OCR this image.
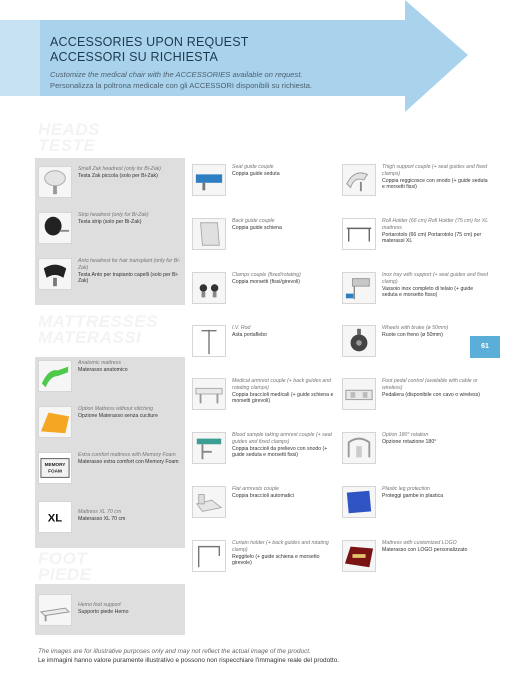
ACCESSORIES UPON REQUEST
ACCESSORI SU RICHIESTA
Customize the medical chair with the ACCESSORIES available on request.
Personalizza la poltrona medicale con gli ACCESSORI disponibili su richiesta.
HEADS
TESTE
MATTRESSES
MATERASSI
FOOT
PIEDE
Small Zak headrest (only for Bi-Zak)
Testa Zak piccola (solo per Bi-Zak)
Strip headrest (only for Bi-Zak)
Testa strip (solo per Bi-Zak)
Anto headrest for hair transplant (only for Bi-Zak)
Testa Anto per trapianto capelli (solo per Bi-Zak)
Anatomic mattress
Materasso anatomico
Option Mattress without stitching
Opzione Materasso senza cuciture
MEMORY
FOAM
Extra comfort mattress with Memory Foam
Materasso extra comfort con Memory Foam
XL
Mattress XL 70 cm
Materasso XL 70 cm
Hemo foot support
Supporto piede Hemo
Seat guide couple
Coppia guide seduta
Back guide couple
Coppia guide schiena
Clamps couple (fixed/rotating)
Coppia morsetti (fissi/girevoli)
I.V. Rod
Asta portaflebo
Medical armrest couple (+ back guides and rotating clamps)
Coppia braccioli medicali (+ guide schiena e morsetti girevoli)
Blood sample taking armrest couple (+ seat guides and fixed clamps)
Coppia braccioli da prelievo con snodo (+ guide seduta e morsetti fissi)
Flat armrests couple
Coppia braccioli automatici
Curtain holder (+ back guides and rotating clamp)
Reggitelo (+ guide schiena e morsetto girevole)
Thigh support couple (+ seat guides and fixed clamps)
Coppia reggicosce con snodo (+ guide seduta e morsetti fissi)
Roll Holder (66 cm) Roll Holder (75 cm) for XL mattress
Portarotolo (66 cm) Portarotolo (75 cm) per materassi XL
Inox tray with support (+ seat guides and fixed clamp)
Vassoio inox completo di telaio (+ guide seduta e morsetto fisso)
Wheels with brake (ø 50mm)
Ruote con freno (ø 50mm)
Foot pedal control (available with cable or wireless)
Pedaliera (disponibile con cavo o wireless)
Option 180° rotation
Opzione rotazione 180°
Plastic leg protection
Proteggi gambe in plastica
Mattress with customized LOGO
Materasso con LOGO personalizzato
61
The images are for illustrative purposes only and may not reflect the actual image of the product.
Le immagini hanno valore puramente illustrativo e possono non rispecchiare l'immagine reale del prodotto.
